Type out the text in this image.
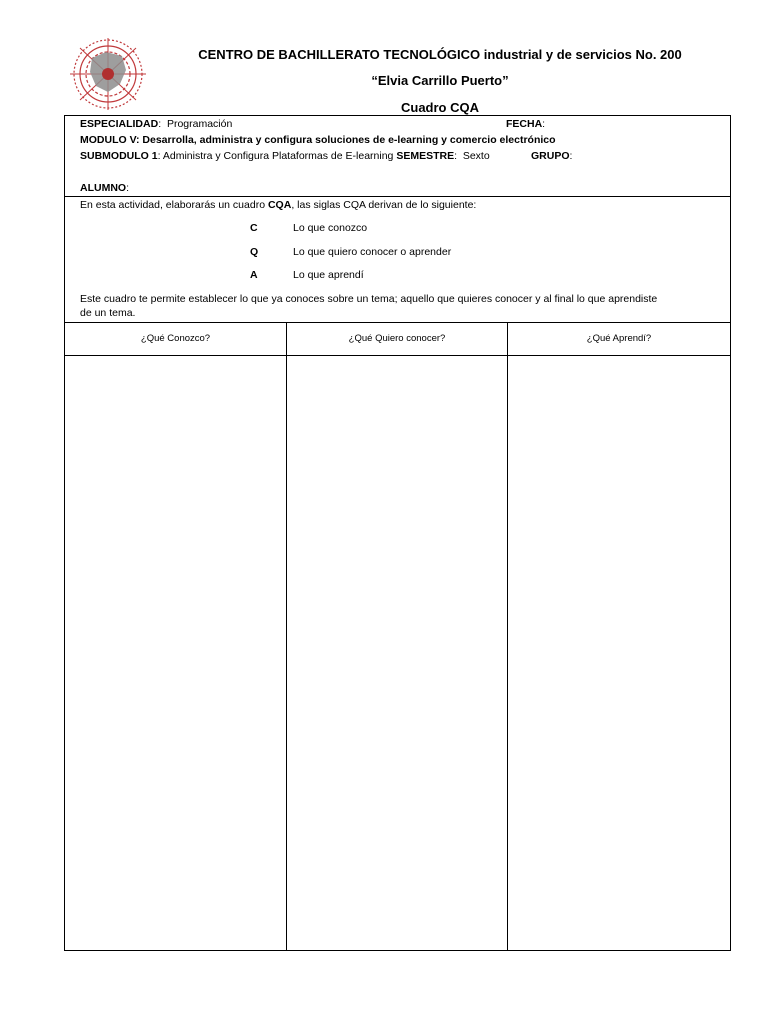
CENTRO DE BACHILLERATO TECNOLÓGICO industrial y de servicios No. 200
“Elvia Carrillo Puerto”
Cuadro CQA
ESPECIALIDAD:  Programación	FECHA:
MODULO V: Desarrolla, administra y configura soluciones de e-learning y comercio electrónico
SUBMODULO 1: Administra y Configura Plataformas de E-learning SEMESTRE:  Sexto	GRUPO:
ALUMNO:
En esta actividad, elaborarás un cuadro CQA, las siglas CQA derivan de lo siguiente:
C	Lo que conozco
Q	Lo que quiero conocer o aprender
A	Lo que aprendí
Este cuadro te permite establecer lo que ya conoces sobre un tema; aquello que quieres conocer y al final lo que aprendiste
de un tema.
¿Qué Conozco?	¿Qué Quiero conocer?	¿Qué Aprendí?
